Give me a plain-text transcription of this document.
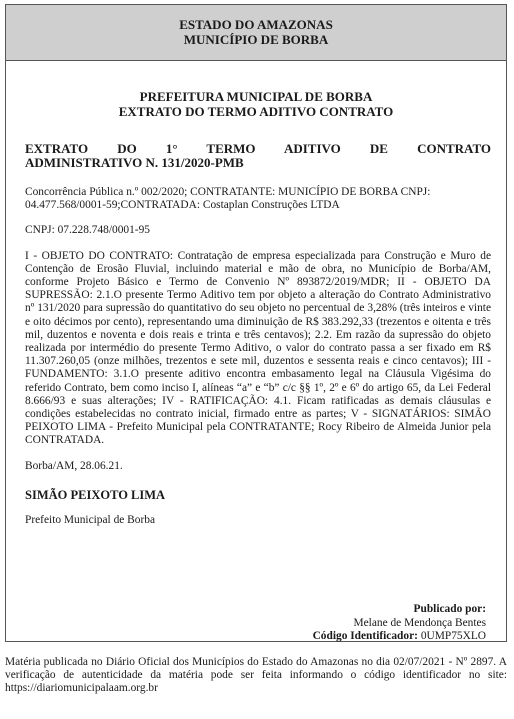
ESTADO DO AMAZONAS
MUNICÍPIO DE BORBA
PREFEITURA MUNICIPAL DE BORBA
EXTRATO DO TERMO ADITIVO CONTRATO
EXTRATO DO 1° TERMO ADITIVO DE CONTRATO
ADMINISTRATIVO N. 131/2020-PMB

Concorrência Pública n.º 002/2020; CONTRATANTE: MUNICÍPIO DE BORBA CNPJ: 04.477.568/0001-59;CONTRATADA: Costaplan Construções LTDA

CNPJ: 07.228.748/0001-95

I - OBJETO DO CONTRATO: Contratação de empresa especializada para Construção e Muro de Contenção de Erosão Fluvial, incluindo material e mão de obra, no Município de Borba/AM, conforme Projeto Básico e Termo de Convenio Nº 893872/2019/MDR; II - OBJETO DA SUPRESSÃO: 2.1.O presente Termo Aditivo tem por objeto a alteração do Contrato Administrativo nº 131/2020 para supressão do quantitativo do seu objeto no percentual de 3,28% (três inteiros e vinte e oito décimos por cento), representando uma diminuição de R$ 383.292,33 (trezentos e oitenta e três mil, duzentos e noventa e dois reais e trinta e três centavos); 2.2. Em razão da supressão do objeto realizada por intermédio do presente Termo Aditivo, o valor do contrato passa a ser fixado em R$ 11.307.260,05 (onze milhões, trezentos e sete mil, duzentos e sessenta reais e cinco centavos); III - FUNDAMENTO: 3.1.O presente aditivo encontra embasamento legal na Cláusula Vigésima do referido Contrato, bem como inciso I, alíneas “a” e “b” c/c §§ 1º, 2º e 6º do artigo 65, da Lei Federal 8.666/93 e suas alterações; IV - RATIFICAÇÃO: 4.1. Ficam ratificadas as demais cláusulas e condições estabelecidas no contrato inicial, firmado entre as partes; V - SIGNATÁRIOS: SIMÃO PEIXOTO LIMA - Prefeito Municipal pela CONTRATANTE; Rocy Ribeiro de Almeida Junior pela CONTRATADA.

Borba/AM, 28.06.21.

SIMÃO PEIXOTO LIMA

Prefeito Municipal de Borba

Publicado por:
Melane de Mendonça Bentes
Código Identificador: 0UMP75XLO
Matéria publicada no Diário Oficial dos Municípios do Estado do Amazonas no dia 02/07/2021 - Nº 2897. A verificação de autenticidade da matéria pode ser feita informando o código identificador no site: https://diariomunicipalaam.org.br
